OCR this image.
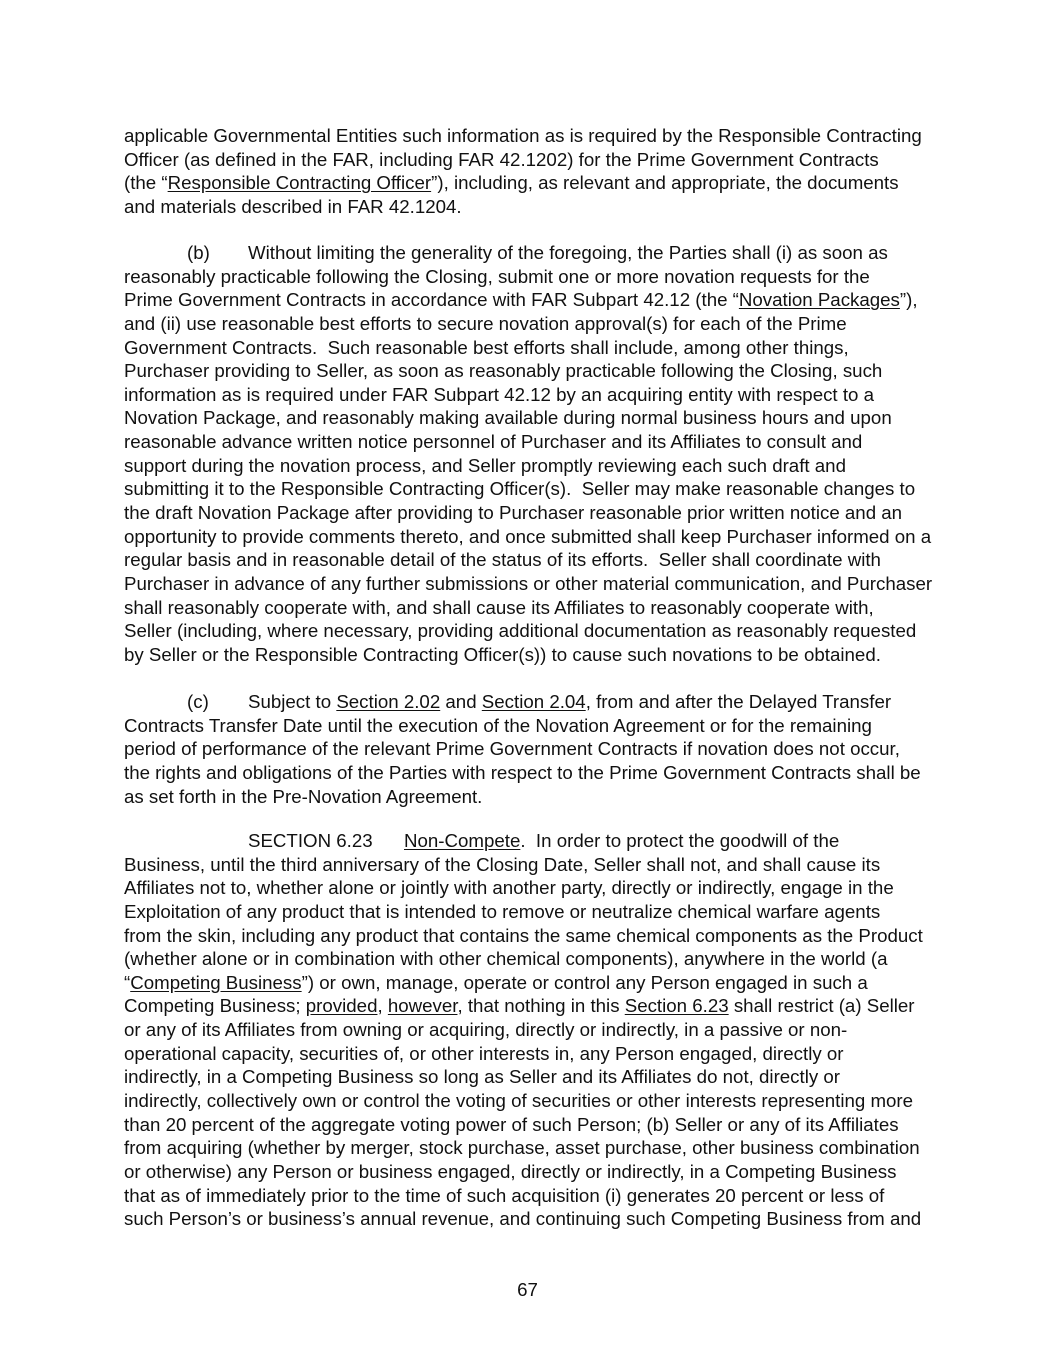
applicable Governmental Entities such information as is required by the Responsible Contracting
Officer (as defined in the FAR, including FAR 42.1202) for the Prime Government Contracts
(the “Responsible Contracting Officer”), including, as relevant and appropriate, the documents
and materials described in FAR 42.1204.
(b) Without limiting the generality of the foregoing, the Parties shall (i) as soon as
reasonably practicable following the Closing, submit one or more novation requests for the
Prime Government Contracts in accordance with FAR Subpart 42.12 (the “Novation Packages”),
and (ii) use reasonable best efforts to secure novation approval(s) for each of the Prime
Government Contracts.  Such reasonable best efforts shall include, among other things,
Purchaser providing to Seller, as soon as reasonably practicable following the Closing, such
information as is required under FAR Subpart 42.12 by an acquiring entity with respect to a
Novation Package, and reasonably making available during normal business hours and upon
reasonable advance written notice personnel of Purchaser and its Affiliates to consult and
support during the novation process, and Seller promptly reviewing each such draft and
submitting it to the Responsible Contracting Officer(s).  Seller may make reasonable changes to
the draft Novation Package after providing to Purchaser reasonable prior written notice and an
opportunity to provide comments thereto, and once submitted shall keep Purchaser informed on a
regular basis and in reasonable detail of the status of its efforts.  Seller shall coordinate with
Purchaser in advance of any further submissions or other material communication, and Purchaser
shall reasonably cooperate with, and shall cause its Affiliates to reasonably cooperate with,
Seller (including, where necessary, providing additional documentation as reasonably requested
by Seller or the Responsible Contracting Officer(s)) to cause such novations to be obtained.
(c) Subject to Section 2.02 and Section 2.04, from and after the Delayed Transfer
Contracts Transfer Date until the execution of the Novation Agreement or for the remaining
period of performance of the relevant Prime Government Contracts if novation does not occur,
the rights and obligations of the Parties with respect to the Prime Government Contracts shall be
as set forth in the Pre-Novation Agreement.
SECTION 6.23 Non-Compete.  In order to protect the goodwill of the
Business, until the third anniversary of the Closing Date, Seller shall not, and shall cause its
Affiliates not to, whether alone or jointly with another party, directly or indirectly, engage in the
Exploitation of any product that is intended to remove or neutralize chemical warfare agents
from the skin, including any product that contains the same chemical components as the Product
(whether alone or in combination with other chemical components), anywhere in the world (a
“Competing Business”) or own, manage, operate or control any Person engaged in such a
Competing Business; provided, however, that nothing in this Section 6.23 shall restrict (a) Seller
or any of its Affiliates from owning or acquiring, directly or indirectly, in a passive or non-
operational capacity, securities of, or other interests in, any Person engaged, directly or
indirectly, in a Competing Business so long as Seller and its Affiliates do not, directly or
indirectly, collectively own or control the voting of securities or other interests representing more
than 20 percent of the aggregate voting power of such Person; (b) Seller or any of its Affiliates
from acquiring (whether by merger, stock purchase, asset purchase, other business combination
or otherwise) any Person or business engaged, directly or indirectly, in a Competing Business
that as of immediately prior to the time of such acquisition (i) generates 20 percent or less of
such Person’s or business’s annual revenue, and continuing such Competing Business from and
67
